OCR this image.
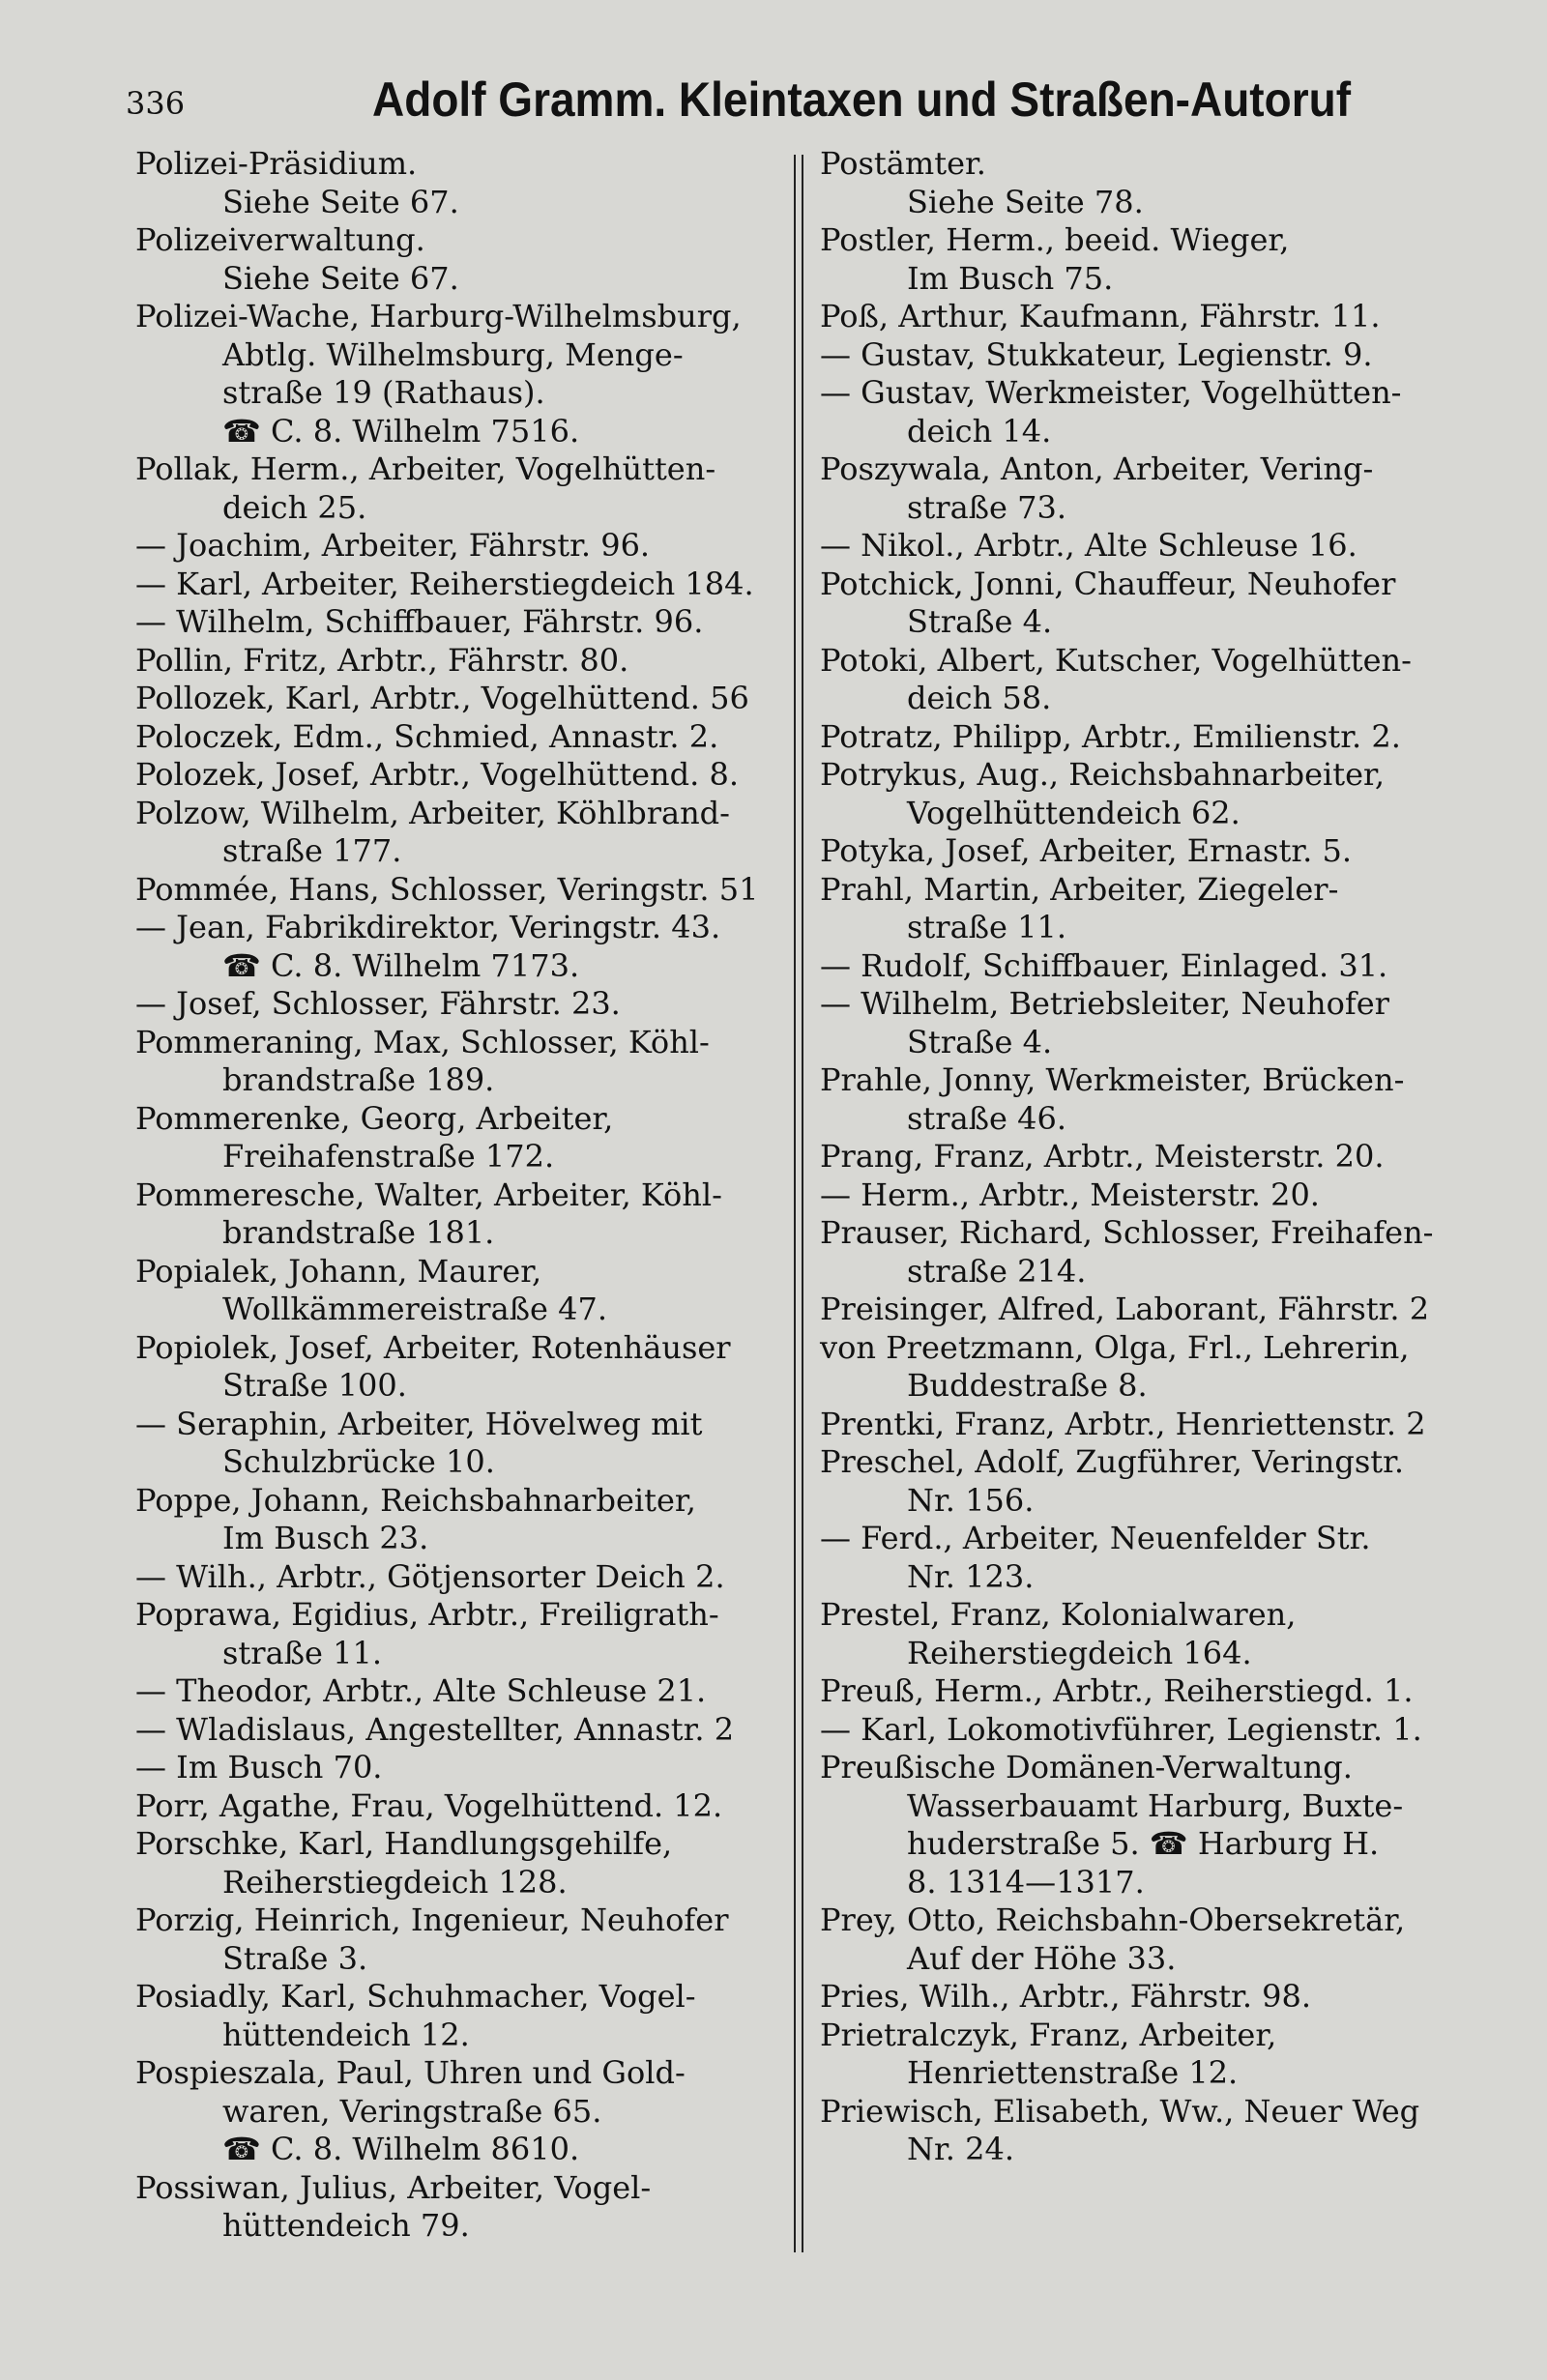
336	Adolf Gramm. Kleintaxen und Straßen-Autoruf
Polizei-Präsidium.
Siehe Seite 67.
Polizeiverwaltung.
Siehe Seite 67.
Polizei-Wache, Harburg-Wilhelmsburg,
Abtlg. Wilhelmsburg, Menge-
straße 19 (Rathaus).
☎ C. 8. Wilhelm 7516.
Pollak, Herm., Arbeiter, Vogelhütten-
deich 25.
— Joachim, Arbeiter, Fährstr. 96.
— Karl, Arbeiter, Reiherstiegdeich 184.
— Wilhelm, Schiffbauer, Fährstr. 96.
Pollin, Fritz, Arbtr., Fährstr. 80.
Pollozek, Karl, Arbtr., Vogelhüttend. 56
Poloczek, Edm., Schmied, Annastr. 2.
Polozek, Josef, Arbtr., Vogelhüttend. 8.
Polzow, Wilhelm, Arbeiter, Köhlbrand-
straße 177.
Pommée, Hans, Schlosser, Veringstr. 51
— Jean, Fabrikdirektor, Veringstr. 43.
☎ C. 8. Wilhelm 7173.
— Josef, Schlosser, Fährstr. 23.
Pommeraning, Max, Schlosser, Köhl-
brandstraße 189.
Pommerenke, Georg, Arbeiter,
Freihafenstraße 172.
Pommeresche, Walter, Arbeiter, Köhl-
brandstraße 181.
Popialek, Johann, Maurer,
Wollkämmereistraße 47.
Popiolek, Josef, Arbeiter, Rotenhäuser
Straße 100.
— Seraphin, Arbeiter, Hövelweg mit
Schulzbrücke 10.
Poppe, Johann, Reichsbahnarbeiter,
Im Busch 23.
— Wilh., Arbtr., Götjensorter Deich 2.
Poprawa, Egidius, Arbtr., Freiligrath-
straße 11.
— Theodor, Arbtr., Alte Schleuse 21.
— Wladislaus, Angestellter, Annastr. 2
— Im Busch 70.
Porr, Agathe, Frau, Vogelhüttend. 12.
Porschke, Karl, Handlungsgehilfe,
Reiherstiegdeich 128.
Porzig, Heinrich, Ingenieur, Neuhofer
Straße 3.
Posiadly, Karl, Schuhmacher, Vogel-
hüttendeich 12.
Pospieszala, Paul, Uhren und Gold-
waren, Veringstraße 65.
☎ C. 8. Wilhelm 8610.
Possiwan, Julius, Arbeiter, Vogel-
hüttendeich 79.
Postämter.
Siehe Seite 78.
Postler, Herm., beeid. Wieger,
Im Busch 75.
Poß, Arthur, Kaufmann, Fährstr. 11.
— Gustav, Stukkateur, Legienstr. 9.
— Gustav, Werkmeister, Vogelhütten-
deich 14.
Poszywala, Anton, Arbeiter, Vering-
straße 73.
— Nikol., Arbtr., Alte Schleuse 16.
Potchick, Jonni, Chauffeur, Neuhofer
Straße 4.
Potoki, Albert, Kutscher, Vogelhütten-
deich 58.
Potratz, Philipp, Arbtr., Emilienstr. 2.
Potrykus, Aug., Reichsbahnarbeiter,
Vogelhüttendeich 62.
Potyka, Josef, Arbeiter, Ernastr. 5.
Prahl, Martin, Arbeiter, Ziegeler-
straße 11.
— Rudolf, Schiffbauer, Einlaged. 31.
— Wilhelm, Betriebsleiter, Neuhofer
Straße 4.
Prahle, Jonny, Werkmeister, Brücken-
straße 46.
Prang, Franz, Arbtr., Meisterstr. 20.
— Herm., Arbtr., Meisterstr. 20.
Prauser, Richard, Schlosser, Freihafen-
straße 214.
Preisinger, Alfred, Laborant, Fährstr. 2
von Preetzmann, Olga, Frl., Lehrerin,
Buddestraße 8.
Prentki, Franz, Arbtr., Henriettenstr. 2
Preschel, Adolf, Zugführer, Veringstr.
Nr. 156.
— Ferd., Arbeiter, Neuenfelder Str.
Nr. 123.
Prestel, Franz, Kolonialwaren,
Reiherstiegdeich 164.
Preuß, Herm., Arbtr., Reiherstiegd. 1.
— Karl, Lokomotivführer, Legienstr. 1.
Preußische Domänen-Verwaltung.
Wasserbauamt Harburg, Buxte-
huderstraße 5. ☎ Harburg H.
8. 1314—1317.
Prey, Otto, Reichsbahn-Obersekretär,
Auf der Höhe 33.
Pries, Wilh., Arbtr., Fährstr. 98.
Prietralczyk, Franz, Arbeiter,
Henriettenstraße 12.
Priewisch, Elisabeth, Ww., Neuer Weg
Nr. 24.
